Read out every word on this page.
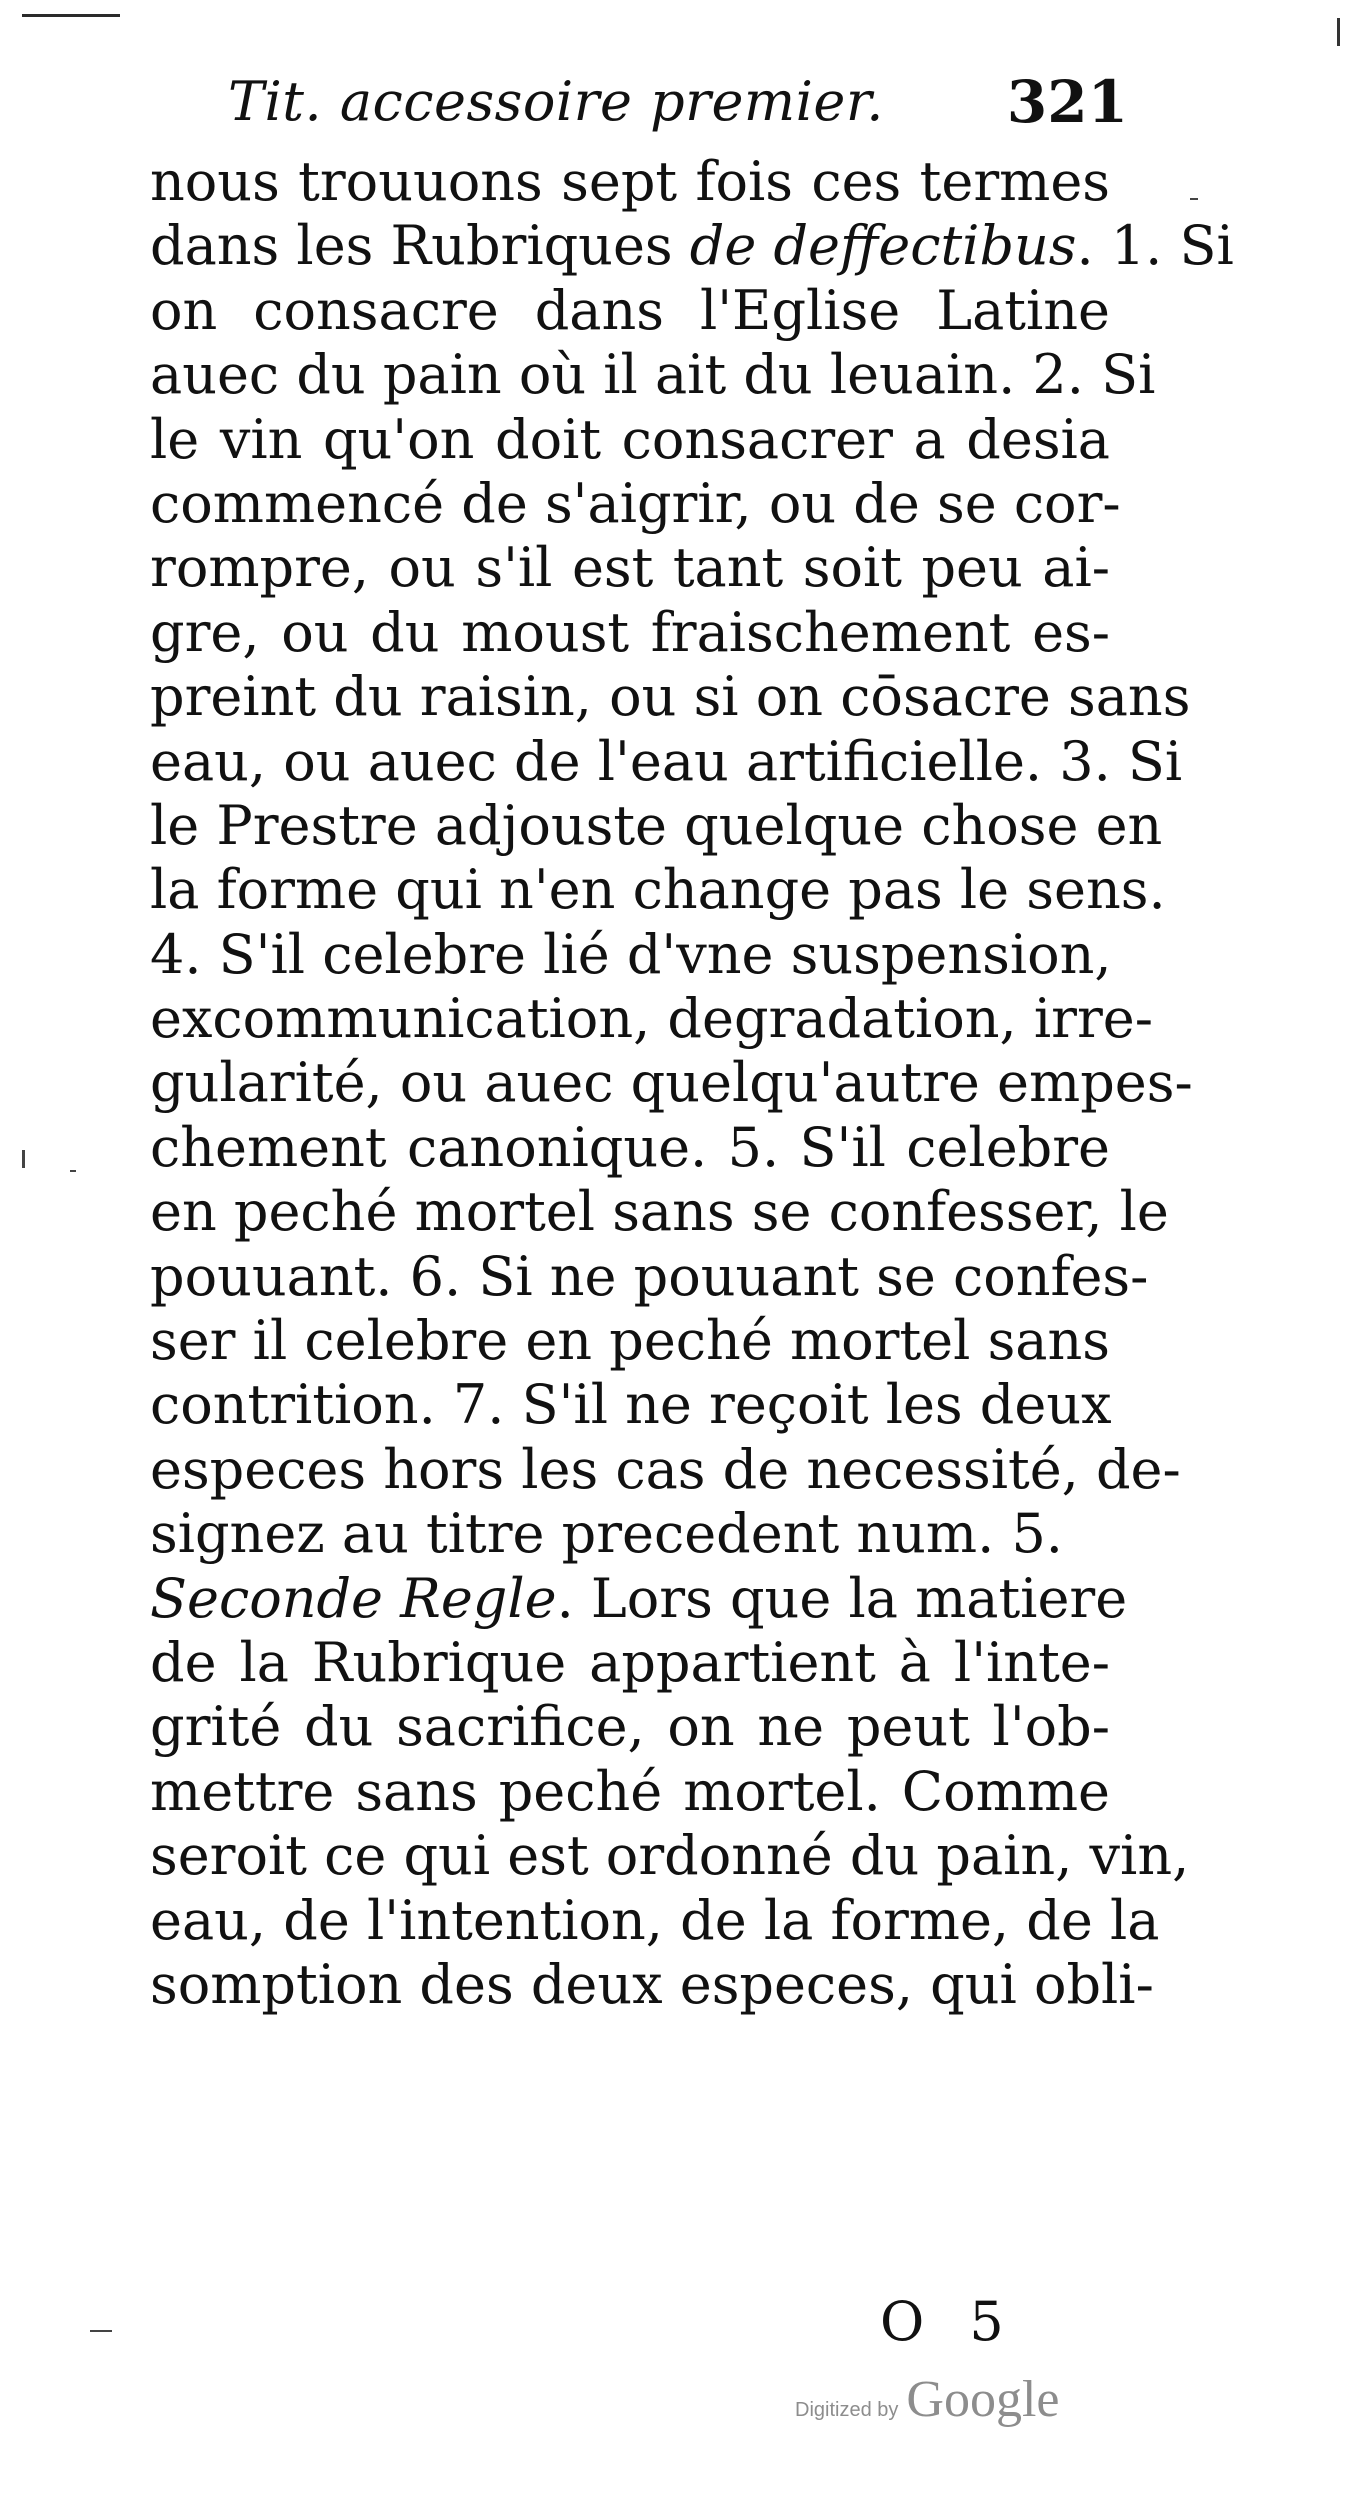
Tit. accessoire premier. 321
nous trouuons sept fois ces termes
dans les Rubriques de deffectibus. 1. Si
on consacre dans l'Eglise Latine
auec du pain où il ait du leuain. 2. Si
le vin qu'on doit consacrer a desia
commencé de s'aigrir, ou de se cor-
rompre, ou s'il est tant soit peu ai-
gre, ou du moust fraischement es-
preint du raisin, ou si on cōsacre sans
eau, ou auec de l'eau artificielle. 3. Si
le Prestre adjouste quelque chose en
la forme qui n'en change pas le sens.
4. S'il celebre lié d'vne suspension,
excommunication, degradation, irre-
gularité, ou auec quelqu'autre empes-
chement canonique. 5. S'il celebre
en peché mortel sans se confesser, le
pouuant. 6. Si ne pouuant se confes-
ser il celebre en peché mortel sans
contrition. 7. S'il ne reçoit les deux
especes hors les cas de necessité, de-
signez au titre precedent num. 5.
Seconde Regle. Lors que la matiere
de la Rubrique appartient à l'inte-
grité du sacrifice, on ne peut l'ob-
mettre sans peché mortel. Comme
seroit ce qui est ordonné du pain, vin,
eau, de l'intention, de la forme, de la
somption des deux especes, qui obli-
O 5
Digitized by Google
